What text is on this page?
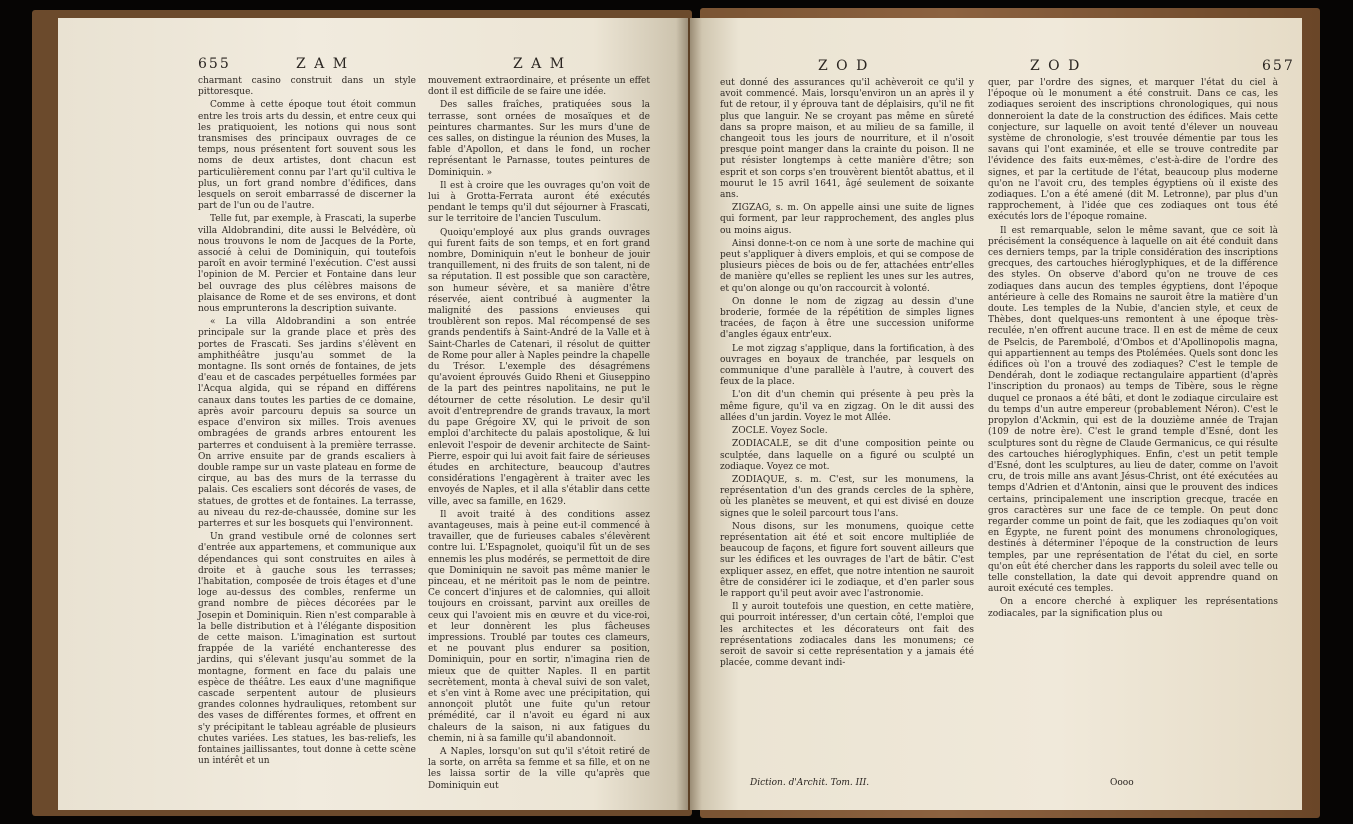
655	Z A M	Z A M

charmant casino construit dans un style pittoresque.

Comme à cette époque tout étoit commun entre les trois arts du dessin, et entre ceux qui les pratiquoient, les notions qui nous sont transmises des principaux ouvrages de ce temps, nous présentent fort souvent sous les noms de deux artistes, dont chacun est particulièrement connu par l'art qu'il cultiva le plus, un fort grand nombre d'édifices, dans lesquels on seroit embarrassé de discerner la part de l'un ou de l'autre.

Telle fut, par exemple, à Frascati, la superbe villa Aldobrandini, dite aussi le Belvédère, où nous trouvons le nom de Jacques de la Porte, associé à celui de Dominiquin, qui toutefois paroît en avoir terminé l'exécution. C'est aussi l'opinion de M. Percier et Fontaine dans leur bel ouvrage des plus célèbres maisons de plaisance de Rome et de ses environs, et dont nous emprunterons la description suivante.

« La villa Aldobrandini a son entrée principale sur la grande place et près des portes de Frascati. Ses jardins s'élèvent en amphithéâtre jusqu'au sommet de la montagne. Ils sont ornés de fontaines, de jets d'eau et de cascades perpétuelles formées par l'Acqua algida, qui se répand en différens canaux dans toutes les parties de ce domaine, après avoir parcouru depuis sa source un espace d'environ six milles. Trois avenues ombragées de grands arbres entourent les parterres et conduisent à la première terrasse. On arrive ensuite par de grands escaliers à double rampe sur un vaste plateau en forme de cirque, au bas des murs de la terrasse du palais. Ces escaliers sont décorés de vases, de statues, de grottes et de fontaines. La terrasse, au niveau du rez-de-chaussée, domine sur les parterres et sur les bosquets qui l'environnent.

Un grand vestibule orné de colonnes sert d'entrée aux appartemens, et communique aux dépendances qui sont construites en ailes à droite et à gauche sous les terrasses; l'habitation, composée de trois étages et d'une loge au-dessus des combles, renferme un grand nombre de pièces décorées par le Josepin et Dominiquin. Rien n'est comparable à la belle distribution et à l'élégante disposition de cette maison. L'imagination est surtout frappée de la variété enchanteresse des jardins, qui s'élevant jusqu'au sommet de la montagne, forment en face du palais une espèce de théâtre. Les eaux d'une magnifique cascade serpentent autour de plusieurs grandes colonnes hydrauliques, retombent sur des vases de différentes formes, et offrent en s'y précipitant le tableau agréable de plusieurs chutes variées. Les statues, les bas-reliefs, les fontaines jaillissantes, tout donne à cette scène un intérêt et un

mouvement extraordinaire, et présente un effet dont il est difficile de se faire une idée.

Des salles fraîches, pratiquées sous la terrasse, sont ornées de mosaïques et de peintures charmantes. Sur les murs d'une de ces salles, on distingue la réunion des Muses, la fable d'Apollon, et dans le fond, un rocher représentant le Parnasse, toutes peintures de Dominiquin. »

Il est à croire que les ouvrages qu'on voit de lui à Grotta-Ferrata auront été exécutés pendant le temps qu'il dut séjourner à Frascati, sur le territoire de l'ancien Tusculum.

Quoiqu'employé aux plus grands ouvrages qui furent faits de son temps, et en fort grand nombre, Dominiquin n'eut le bonheur de jouir tranquillement, ni des fruits de son talent, ni de sa réputation. Il est possible que son caractère, son humeur sévère, et sa manière d'être réservée, aient contribué à augmenter la malignité des passions envieuses qui troublèrent son repos. Mal récompensé de ses grands pendentifs à Saint-André de la Valle et à Saint-Charles de Catenari, il résolut de quitter de Rome pour aller à Naples peindre la chapelle du Trésor. L'exemple des désagrémens qu'avoient éprouvés Guido Rheni et Giuseppino de la part des peintres napolitains, ne put le détourner de cette résolution. Le desir qu'il avoit d'entreprendre de grands travaux, la mort du pape Grégoire XV, qui le privoit de son emploi d'architecte du palais apostolique, & lui enlevoit l'espoir de devenir architecte de Saint-Pierre, espoir qui lui avoit fait faire de sérieuses études en architecture, beaucoup d'autres considérations l'engagèrent à traiter avec les envoyés de Naples, et il alla s'établir dans cette ville, avec sa famille, en 1629.

Il avoit traité à des conditions assez avantageuses, mais à peine eut-il commencé à travailler, que de furieuses cabales s'élevèrent contre lui. L'Espagnolet, quoiqu'il fût un de ses ennemis les plus modérés, se permettoit de dire que Dominiquin ne savoit pas même manier le pinceau, et ne méritoit pas le nom de peintre. Ce concert d'injures et de calomnies, qui alloit toujours en croissant, parvint aux oreilles de ceux qui l'avoient mis en œuvre et du vice-roi, et leur donnèrent les plus fâcheuses impressions. Troublé par toutes ces clameurs, et ne pouvant plus endurer sa position, Dominiquin, pour en sortir, n'imagina rien de mieux que de quitter Naples. Il en partit secrètement, monta à cheval suivi de son valet, et s'en vint à Rome avec une précipitation, qui annonçoit plutôt une fuite qu'un retour prémédité, car il n'avoit eu égard ni aux chaleurs de la saison, ni aux fatigues du chemin, ni à sa famille qu'il abandonnoit.

A Naples, lorsqu'on sut qu'il s'étoit retiré de la sorte, on arrêta sa femme et sa fille, et on ne les laissa sortir de la ville qu'après que Dominiquin eut

Z O D	Z O D	657

eut donné des assurances qu'il achèveroit ce qu'il y avoit commencé. Mais, lorsqu'environ un an après il y fut de retour, il y éprouva tant de déplaisirs, qu'il ne fit plus que languir. Ne se croyant pas même en sûreté dans sa propre maison, et au milieu de sa famille, il changeoit tous les jours de nourriture, et il n'osoit presque point manger dans la crainte du poison. Il ne put résister longtemps à cette manière d'être; son esprit et son corps s'en trouvèrent bientôt abattus, et il mourut le 15 avril 1641, âgé seulement de soixante ans.

ZIGZAG, s. m. On appelle ainsi une suite de lignes qui forment, par leur rapprochement, des angles plus ou moins aigus.

Ainsi donne-t-on ce nom à une sorte de machine qui peut s'appliquer à divers emplois, et qui se compose de plusieurs pièces de bois ou de fer, attachées entr'elles de manière qu'elles se replient les unes sur les autres, et qu'on alonge ou qu'on raccourcit à volonté.

On donne le nom de zigzag au dessin d'une broderie, formée de la répétition de simples lignes tracées, de façon à être une succession uniforme d'angles égaux entr'eux.

Le mot zigzag s'applique, dans la fortification, à des ouvrages en boyaux de tranchée, par lesquels on communique d'une parallèle à l'autre, à couvert des feux de la place.

L'on dit d'un chemin qui présente à peu près la même figure, qu'il va en zigzag. On le dit aussi des allées d'un jardin. Voyez le mot Allée.

ZOCLE. Voyez Socle.

ZODIACALE, se dit d'une composition peinte ou sculptée, dans laquelle on a figuré ou sculpté un zodiaque. Voyez ce mot.

ZODIAQUE, s. m. C'est, sur les monumens, la représentation d'un des grands cercles de la sphère, où les planètes se meuvent, et qui est divisé en douze signes que le soleil parcourt tous l'ans.

Nous disons, sur les monumens, quoique cette représentation ait été et soit encore multipliée de beaucoup de façons, et figure fort souvent ailleurs que sur les édifices et les ouvrages de l'art de bâtir. C'est expliquer assez, en effet, que notre intention ne sauroit être de considérer ici le zodiaque, et d'en parler sous le rapport qu'il peut avoir avec l'astronomie.

Il y auroit toutefois une question, en cette matière, qui pourroit intéresser, d'un certain côté, l'emploi que les architectes et les décorateurs ont fait des représentations zodiacales dans les monumens; ce seroit de savoir si cette représentation y a jamais été placée, comme devant indi-

quer, par l'ordre des signes, et marquer l'état du ciel à l'époque où le monument a été construit. Dans ce cas, les zodiaques seroient des inscriptions chronologiques, qui nous donneroient la date de la construction des édifices. Mais cette conjecture, sur laquelle on avoit tenté d'élever un nouveau système de chronologie, s'est trouvée démentie par tous les savans qui l'ont examinée, et elle se trouve contredite par l'évidence des faits eux-mêmes, c'est-à-dire de l'ordre des signes, et par la certitude de l'état, beaucoup plus moderne qu'on ne l'avoit cru, des temples égyptiens où il existe des zodiaques. L'on a été amené (dit M. Letronne), par plus d'un rapprochement, à l'idée que ces zodiaques ont tous été exécutés lors de l'époque romaine.

Il est remarquable, selon le même savant, que ce soit là précisément la conséquence à laquelle on ait été conduit dans ces derniers temps, par la triple considération des inscriptions grecques, des cartouches hiéroglyphiques, et de la différence des styles. On observe d'abord qu'on ne trouve de ces zodiaques dans aucun des temples égyptiens, dont l'époque antérieure à celle des Romains ne sauroit être la matière d'un doute. Les temples de la Nubie, d'ancien style, et ceux de Thèbes, dont quelques-uns remontent à une époque très-reculée, n'en offrent aucune trace. Il en est de même de ceux de Pselcis, de Parembolé, d'Ombos et d'Apollinopolis magna, qui appartiennent au temps des Ptolémées. Quels sont donc les édifices où l'on a trouvé des zodiaques? C'est le temple de Dendérah, dont le zodiaque rectangulaire appartient (d'après l'inscription du pronaos) au temps de Tibère, sous le règne duquel ce pronaos a été bâti, et dont le zodiaque circulaire est du temps d'un autre empereur (probablement Néron). C'est le propylon d'Ackmin, qui est de la douzième année de Trajan (109 de notre ère). C'est le grand temple d'Esné, dont les sculptures sont du règne de Claude Germanicus, ce qui résulte des cartouches hiéroglyphiques. Enfin, c'est un petit temple d'Esné, dont les sculptures, au lieu de dater, comme on l'avoit cru, de trois mille ans avant Jésus-Christ, ont été exécutées au temps d'Adrien et d'Antonin, ainsi que le prouvent des indices certains, principalement une inscription grecque, tracée en gros caractères sur une face de ce temple. On peut donc regarder comme un point de fait, que les zodiaques qu'on voit en Égypte, ne furent point des monumens chronologiques, destinés à déterminer l'époque de la construction de leurs temples, par une représentation de l'état du ciel, en sorte qu'on eût été chercher dans les rapports du soleil avec telle ou telle constellation, la date qui devoit apprendre quand on auroit exécuté ces temples.

On a encore cherché à expliquer les représentations zodiacales, par la signification plus ou

Diction. d'Archit. Tom. III.	Oooo
